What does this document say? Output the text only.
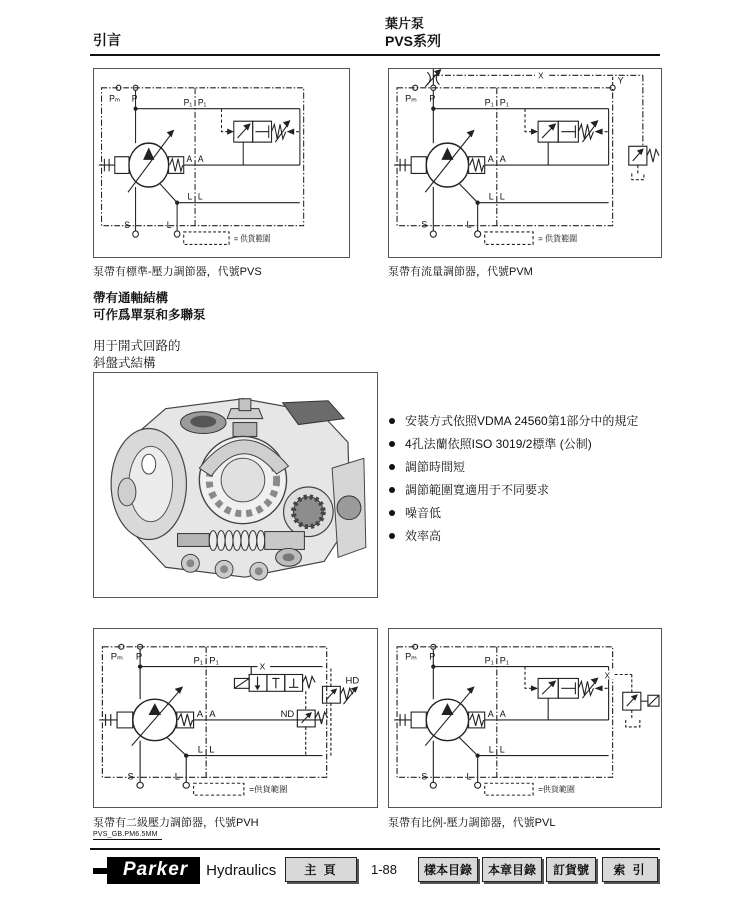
引言
葉片泵
PVS系列
= 供貨範圍
泵帶有標準-壓力調節器，代號PVS
X	Y
= 供貨範圍
泵帶有流量調節器，代號PVM
帶有通軸結構
可作爲單泵和多聯泵
用于開式回路的
斜盤式結構
安裝方式依照VDMA 24560第1部分中的規定
4孔法蘭依照ISO 3019/2標準 (公制)
調節時間短
調節範圍寬適用于不同要求
噪音低
效率高
X
HD
ND
=供貨範圍
泵帶有二級壓力調節器，代號PVH
X
=供貨範圍
泵帶有比例-壓力調節器，代號PVL
PVS_GB.PM6.5MM
Parker	Hydraulics	主 頁	1-88	樣本目錄	本章目錄	訂貨號	索 引
